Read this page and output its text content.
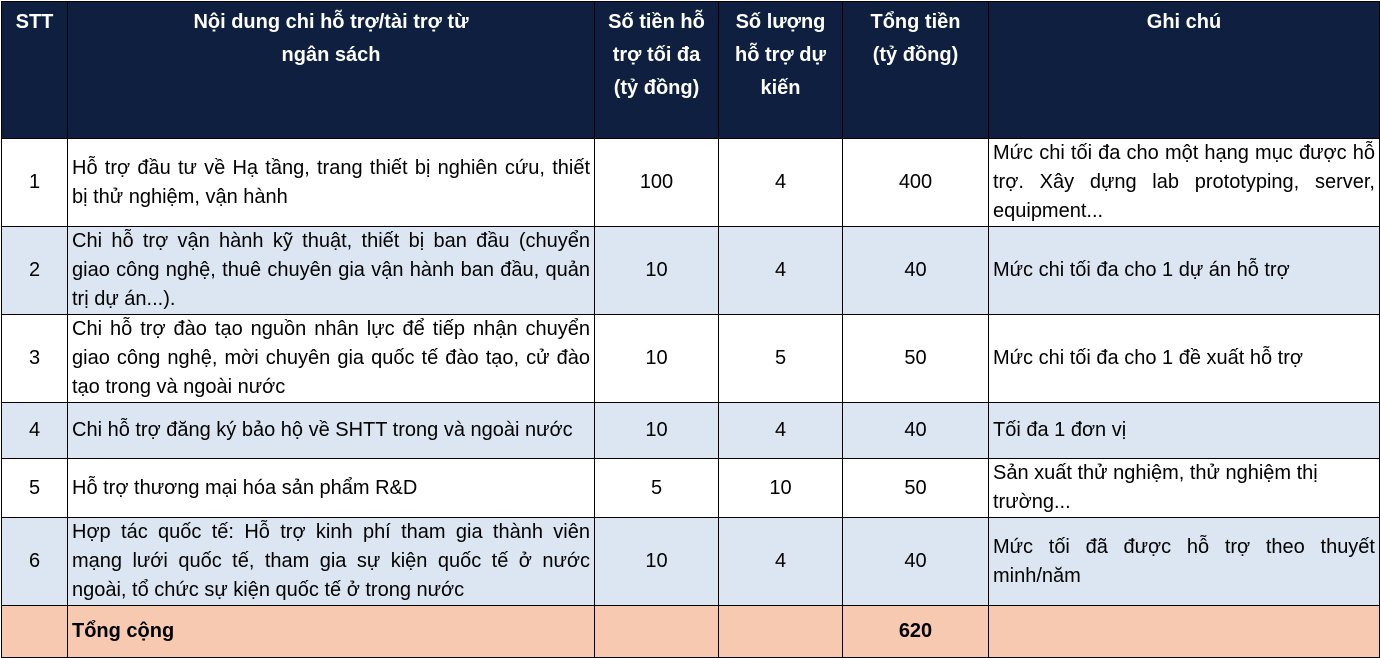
STT	Nội dung chi hỗ trợ/tài trợ từ ngân sách	Số tiền hỗ trợ tối đa (tỷ đồng)	Số lượng hỗ trợ dự kiến	Tổng tiền (tỷ đồng)	Ghi chú
1	Hỗ trợ đầu tư về Hạ tầng, trang thiết bị nghiên cứu, thiết bị thử nghiệm, vận hành	100	4	400	Mức chi tối đa cho một hạng mục được hỗ trợ. Xây dựng lab prototyping, server, equipment...
2	Chi hỗ trợ vận hành kỹ thuật, thiết bị ban đầu (chuyển giao công nghệ, thuê chuyên gia vận hành ban đầu, quản trị dự án...).	10	4	40	Mức chi tối đa cho 1 dự án hỗ trợ
3	Chi hỗ trợ đào tạo nguồn nhân lực để tiếp nhận chuyển giao công nghệ, mời chuyên gia quốc tế đào tạo, cử đào tạo trong và ngoài nước	10	5	50	Mức chi tối đa cho 1 đề xuất hỗ trợ
4	Chi hỗ trợ đăng ký bảo hộ về SHTT trong và ngoài nước	10	4	40	Tối đa 1 đơn vị
5	Hỗ trợ thương mại hóa sản phẩm R&D	5	10	50	Sản xuất thử nghiệm, thử nghiệm thị trường...
6	Hợp tác quốc tế: Hỗ trợ kinh phí tham gia thành viên mạng lưới quốc tế, tham gia sự kiện quốc tế ở nước ngoài, tổ chức sự kiện quốc tế ở trong nước	10	4	40	Mức tối đã được hỗ trợ theo thuyết minh/năm
	Tổng cộng			620	
